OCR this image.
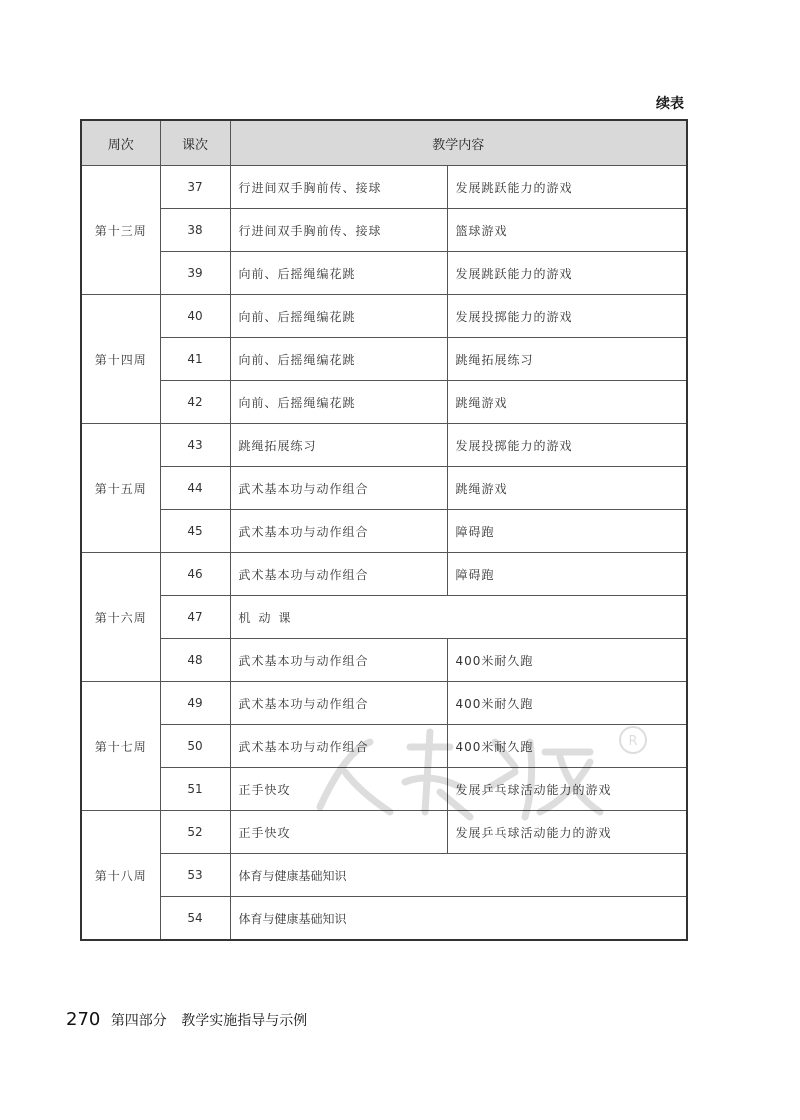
续表
周次	课次	教学内容	
第十三周	37	行进间双手胸前传、接球	发展跳跃能力的游戏
	38	行进间双手胸前传、接球	篮球游戏
	39	向前、后摇绳编花跳	发展跳跃能力的游戏
第十四周	40	向前、后摇绳编花跳	发展投掷能力的游戏
	41	向前、后摇绳编花跳	跳绳拓展练习
	42	向前、后摇绳编花跳	跳绳游戏
第十五周	43	跳绳拓展练习	发展投掷能力的游戏
	44	武术基本功与动作组合	跳绳游戏
	45	武术基本功与动作组合	障碍跑
第十六周	46	武术基本功与动作组合	障碍跑
	47	机动课	
	48	武术基本功与动作组合	400米耐久跑
第十七周	49	武术基本功与动作组合	400米耐久跑
	50	武术基本功与动作组合	400米耐久跑
	51	正手快攻	发展乒乓球活动能力的游戏
第十八周	52	正手快攻	发展乒乓球活动能力的游戏
	53	体育与健康基础知识	
	54	体育与健康基础知识	
R
270 第四部分 教学实施指导与示例
